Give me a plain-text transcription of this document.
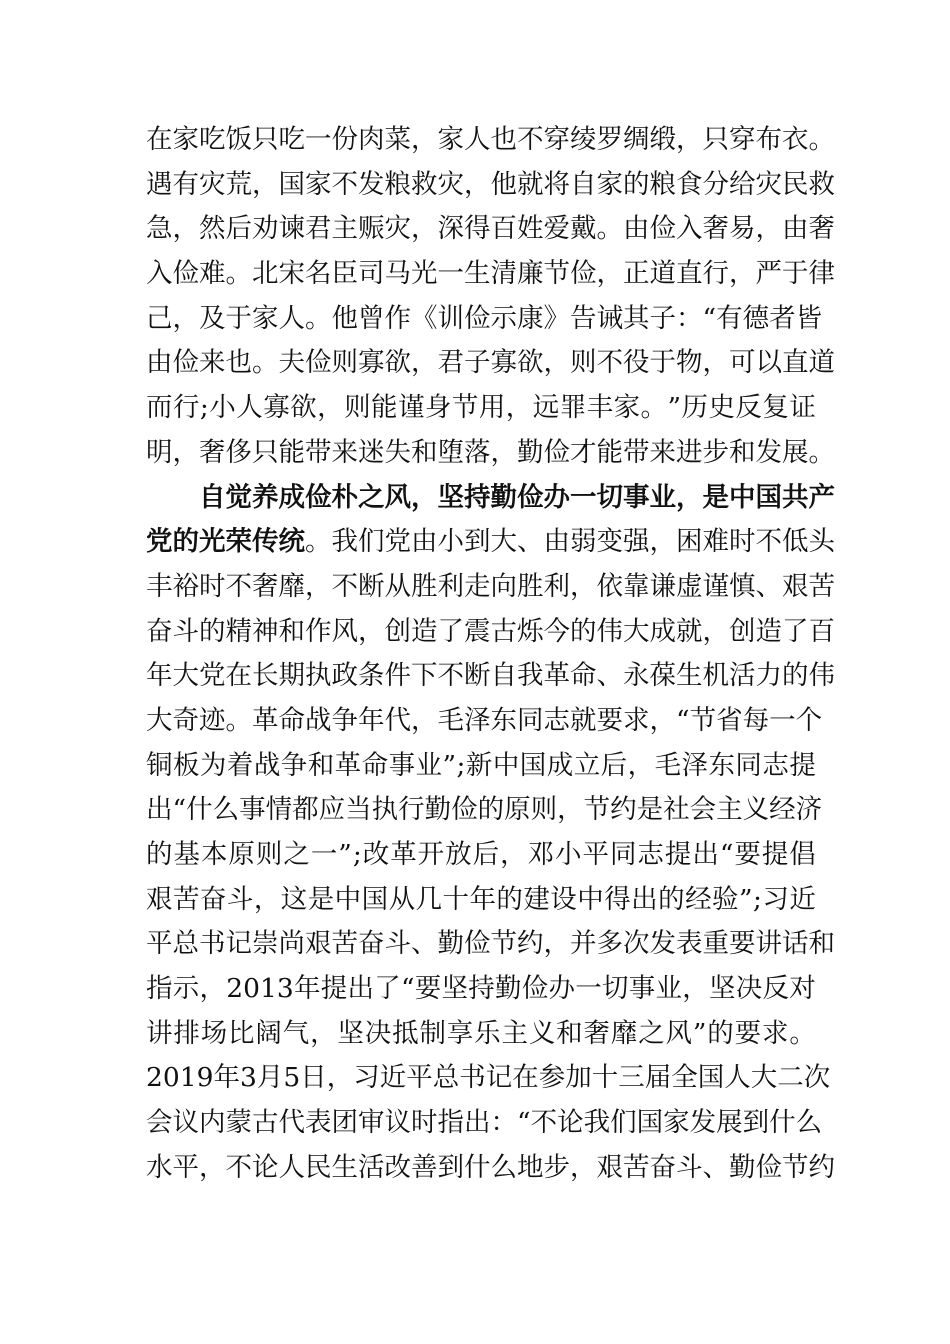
在 家 吃 饭 只 吃 一 份 肉 菜 ， 家 人 也 不 穿 绫 罗 绸 缎 ， 只 穿 布 衣 。
遇 有 灾 荒 ， 国 家 不 发 粮 救 灾 ， 他 就 将 自 家 的 粮 食 分 给 灾 民 救
急 ， 然 后 劝 谏 君 主 赈 灾 ， 深 得 百 姓 爱 戴 。 由 俭 入 奢 易 ， 由 奢
入 俭 难 。 北 宋 名 臣 司 马 光 一 生 清 廉 节 俭 ， 正 道 直 行 ， 严 于 律
己 ， 及 于 家 人 。 他 曾 作 《 训 俭 示 康 》 告 诫 其 子 ： “ 有 德 者 皆
由 俭 来 也 。 夫 俭 则 寡 欲 ， 君 子 寡 欲 ， 则 不 役 于 物 ， 可 以 直 道
而 行 ; 小 人 寡 欲 ， 则 能 谨 身 节 用 ， 远 罪 丰 家 。 ” 历 史 反 复 证
明 ， 奢 侈 只 能 带 来 迷 失 和 堕 落 ， 勤 俭 才 能 带 来 进 步 和 发 展 。
自 觉 养 成 俭 朴 之 风 ， 坚 持 勤 俭 办 一 切 事 业 ， 是 中 国 共 产
党 的 光 荣 传 统 。 我 们 党 由 小 到 大 、 由 弱 变 强 ， 困 难 时 不 低 头
丰 裕 时 不 奢 靡 ， 不 断 从 胜 利 走 向 胜 利 ， 依 靠 谦 虚 谨 慎 、 艰 苦
奋 斗 的 精 神 和 作 风 ， 创 造 了 震 古 烁 今 的 伟 大 成 就 ， 创 造 了 百
年 大 党 在 长 期 执 政 条 件 下 不 断 自 我 革 命 、 永 葆 生 机 活 力 的 伟
大 奇 迹 。 革 命 战 争 年 代 ， 毛 泽 东 同 志 就 要 求 ， “ 节 省 每 一 个
铜 板 为 着 战 争 和 革 命 事 业 ” ; 新 中 国 成 立 后 ， 毛 泽 东 同 志 提
出 “ 什 么 事 情 都 应 当 执 行 勤 俭 的 原 则 ， 节 约 是 社 会 主 义 经 济
的 基 本 原 则 之 一 ” ; 改 革 开 放 后 ， 邓 小 平 同 志 提 出 “ 要 提 倡
艰 苦 奋 斗 ， 这 是 中 国 从 几 十 年 的 建 设 中 得 出 的 经 验 ” ; 习 近
平 总 书 记 崇 尚 艰 苦 奋 斗 、 勤 俭 节 约 ， 并 多 次 发 表 重 要 讲 话 和
指 示 ， 2013 年 提 出 了 “ 要 坚 持 勤 俭 办 一 切 事 业 ， 坚 决 反 对
讲 排 场 比 阔 气 ， 坚 决 抵 制 享 乐 主 义 和 奢 靡 之 风 ” 的 要 求 。
2019 年 3 月 5 日 ， 习 近 平 总 书 记 在 参 加 十 三 届 全 国 人 大 二 次
会 议 内 蒙 古 代 表 团 审 议 时 指 出 ： “ 不 论 我 们 国 家 发 展 到 什 么
水 平 ， 不 论 人 民 生 活 改 善 到 什 么 地 步 ， 艰 苦 奋 斗 、 勤 俭 节 约
